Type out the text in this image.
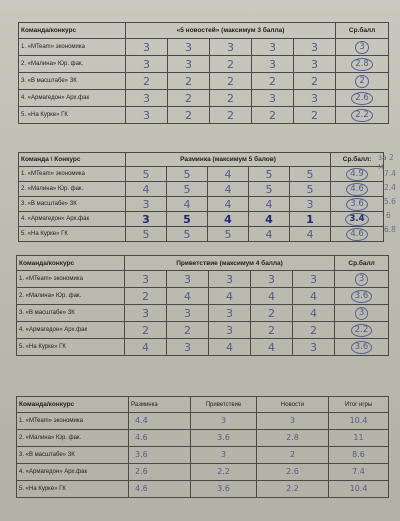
Команда/конкурс	«5 новостей» (максимум 3 балла)					Ср.балл
1. «МTeam» экономика	3	3	3	3	3	3
2. «Малина» Юр. фак.	3	3	2	3	3	2.8
3. «В масштабе» ЗК	2	2	2	2	2	2
4. «Армагедон» Арх.фак	3	2	2	3	3	2.6
5. «На Курке» ГК	3	2	2	2	2	2.2
Команда \ Конкурс	Разминка (максимум 5 балов)					Ср.балл:
1. «МTeam» экономика	5	5	4	5	5	4.9
2. «Малина» Юр. фак.	4	5	4	5	5	4.6
3. «В масштабе» ЗК	3	4	4	4	3	3.6
4. «Армагедон» Арх.фак	3	5	4	4	1	3.4
5. «На Курке» ГК	5	5	5	4	4	4.6
за 2 м
7.4
2.4
5.6
6
6.8
Команда/конкурс	Приветствие (максимум 4 балла)					Ср.балл
1. «МTeam» экономика	3	3	3	3	3	3
2. «Малина» Юр. фак.	2	4	4	4	4	3.6
3. «В масштабе» ЗК	3	3	3	2	4	3
4. «Армагедон» Арх.фак	2	2	3	2	2	2.2
5. «На Курке» ГК	4	3	4	4	3	3.6
Команда/конкурс	Разминка	Приветствие	Новости	Итог игры
1. «МTeam» экономика	4.4	3	3	10.4
2. «Малина» Юр. фак.	4.6	3.6	2.8	11
3. «В масштабе» ЗК	3.6	3	2	8.6
4. «Армагедон» Арх.фак	2.6	2.2	2.6	7.4
5. «На Курке» ГК	4.6	3.6	2.2	10.4
